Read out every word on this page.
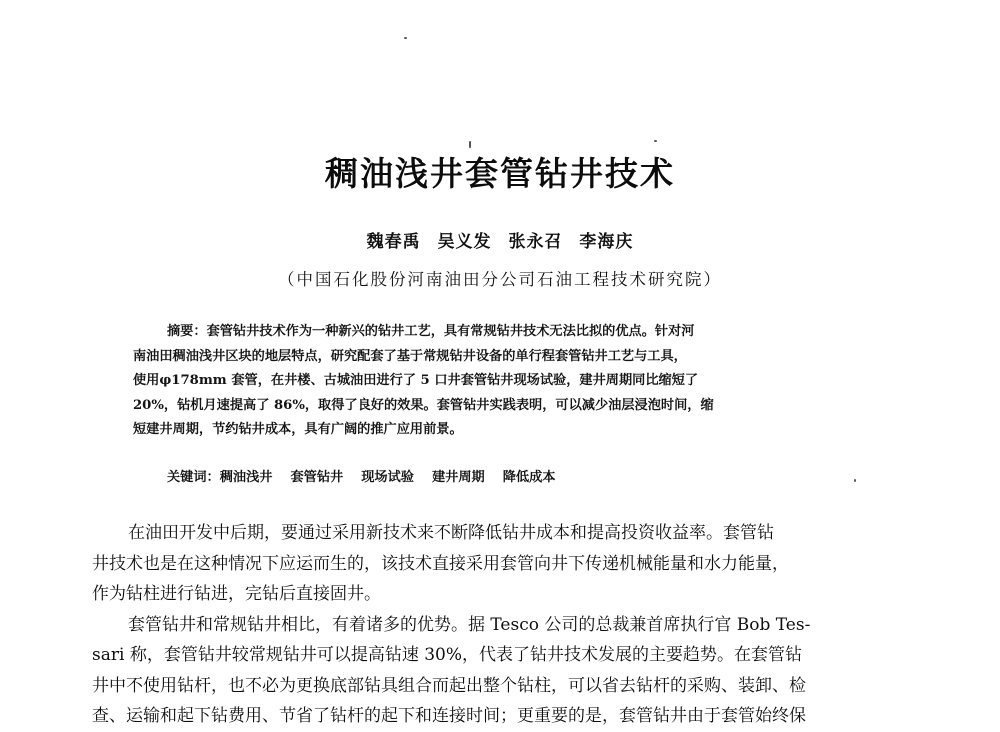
稠油浅井套管钻井技术
魏春禹 吴义发 张永召 李海庆
（中国石化股份河南油田分公司石油工程技术研究院）
摘要：套管钻井技术作为一种新兴的钻井工艺，具有常规钻井技术无法比拟的优点。针对河
南油田稠油浅井区块的地层特点，研究配套了基于常规钻井设备的单行程套管钻井工艺与工具，
使用φ178mm 套管，在井楼、古城油田进行了 5 口井套管钻井现场试验，建井周期同比缩短了
20%，钻机月速提高了 86%，取得了良好的效果。套管钻井实践表明，可以减少油层浸泡时间，缩
短建井周期，节约钻井成本，具有广阔的推广应用前景。
关键词：稠油浅井 套管钻井 现场试验 建井周期 降低成本
在油田开发中后期，要通过采用新技术来不断降低钻井成本和提高投资收益率。套管钻
井技术也是在这种情况下应运而生的，该技术直接采用套管向井下传递机械能量和水力能量，
作为钻柱进行钻进，完钻后直接固井。
套管钻井和常规钻井相比，有着诸多的优势。据 Tesco 公司的总裁兼首席执行官 Bob Tes-
sari 称，套管钻井较常规钻井可以提高钻速 30%，代表了钻井技术发展的主要趋势。在套管钻
井中不使用钻杆，也不必为更换底部钻具组合而起出整个钻柱，可以省去钻杆的采购、装卸、检
查、运输和起下钻费用、节省了钻杆的起下和连接时间；更重要的是，套管钻井由于套管始终保
